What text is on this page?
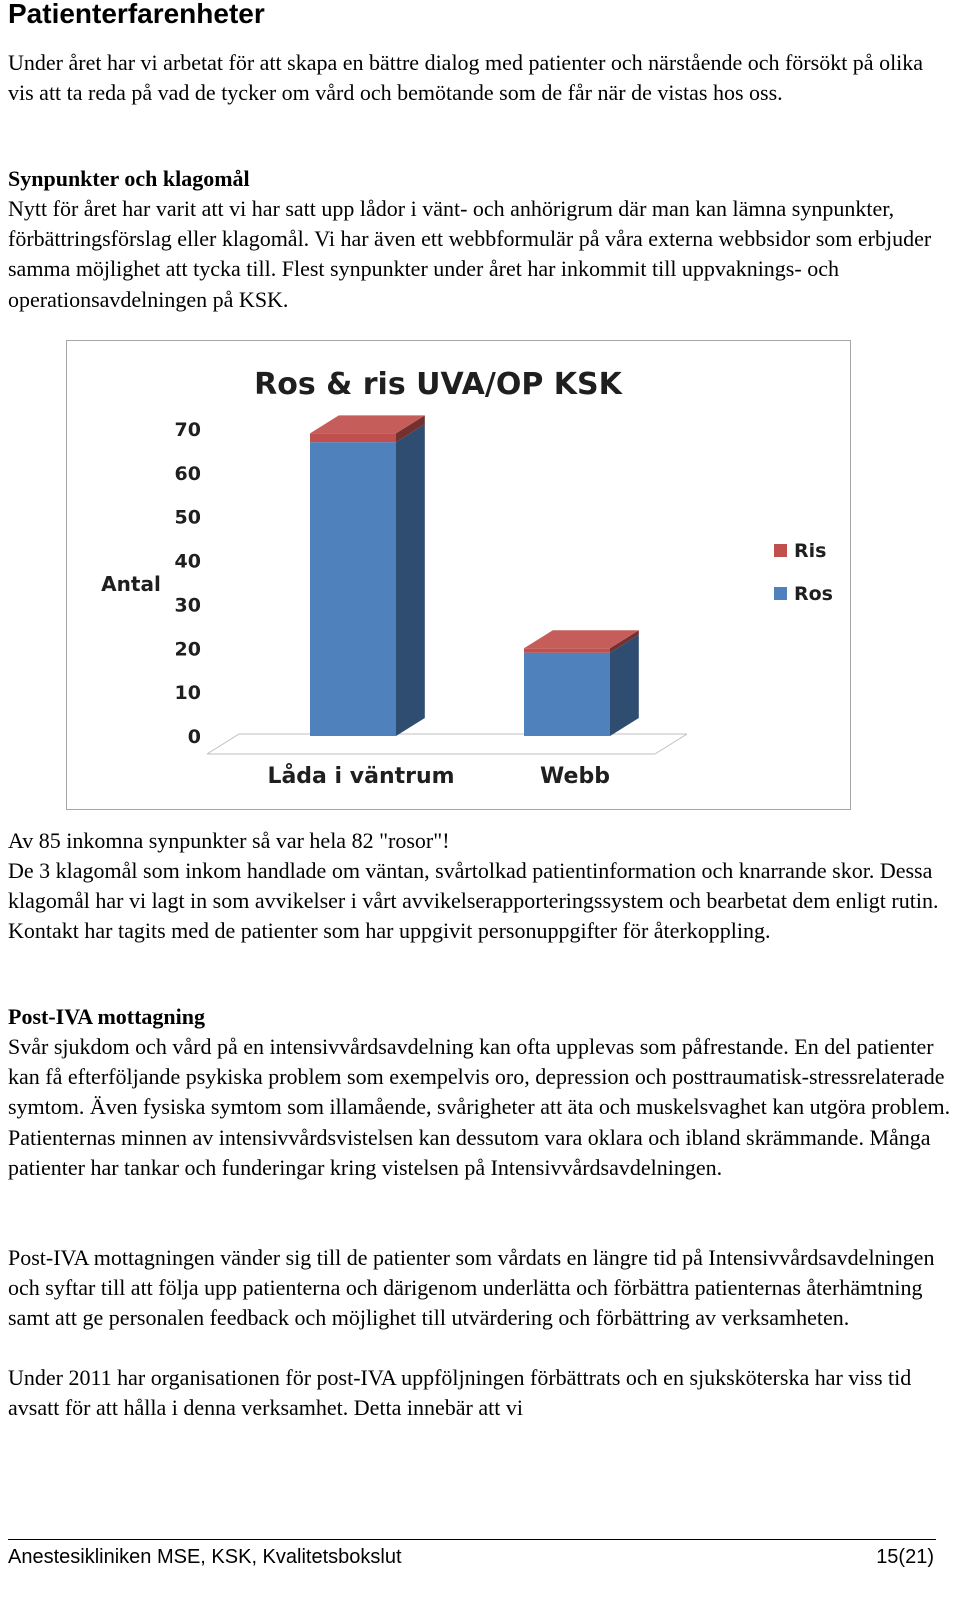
Patienterfarenheter

Under året har vi arbetat för att skapa en bättre dialog med patienter och närstående och försökt på olika vis att ta reda på vad de tycker om vård och bemötande som de får när de vistas hos oss.

Synpunkter och klagomål

Nytt för året har varit att vi har satt upp lådor i vänt- och anhörigrum där man kan lämna synpunkter, förbättringsförslag eller klagomål. Vi har även ett webbformulär på våra externa webbsidor som erbjuder samma möjlighet att tycka till. Flest synpunkter under året har inkommit till uppvaknings- och operationsavdelningen på KSK.

Ros & ris UVA/OP KSK
Antal
0
10
20
30
40
50
60
70
Låda i väntrum	Webb
Ris
Ros

Av 85 inkomna synpunkter så var hela 82 "rosor"!

De 3 klagomål som inkom handlade om väntan, svårtolkad patientinformation och knarrande skor. Dessa klagomål har vi lagt in som avvikelser i vårt avvikelserapporteringssystem och bearbetat dem enligt rutin. Kontakt har tagits med de patienter som har uppgivit personuppgifter för återkoppling.

Post-IVA mottagning

Svår sjukdom och vård på en intensivvårdsavdelning kan ofta upplevas som påfrestande. En del patienter kan få efterföljande psykiska problem som exempelvis oro, depression och posttraumatisk-stressrelaterade symtom. Även fysiska symtom som illamående, svårigheter att äta och muskelsvaghet kan utgöra problem. Patienternas minnen av intensivvårdsvistelsen kan dessutom vara oklara och ibland skrämmande. Många patienter har tankar och funderingar kring vistelsen på Intensivvårdsavdelningen.

Post-IVA mottagningen vänder sig till de patienter som vårdats en längre tid på Intensivvårdsavdelningen och syftar till att följa upp patienterna och därigenom underlätta och förbättra patienternas återhämtning samt att ge personalen feedback och möjlighet till utvärdering och förbättring av verksamheten.

Under 2011 har organisationen för post-IVA uppföljningen förbättrats och en sjuksköterska har viss tid avsatt för att hålla i denna verksamhet. Detta innebär att vi

Anestesikliniken MSE, KSK, Kvalitetsbokslut	15(21)
